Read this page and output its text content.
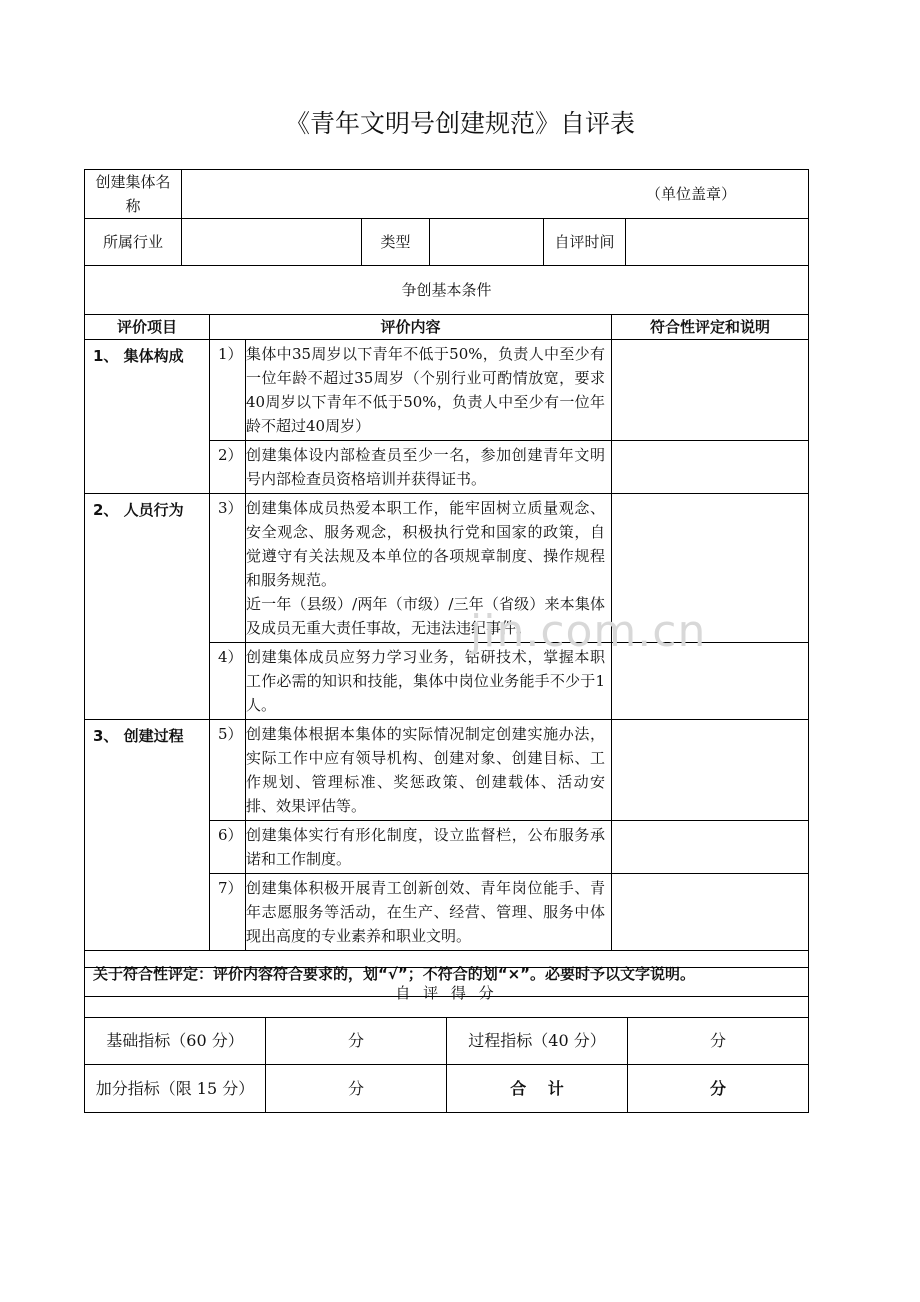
《青年文明号创建规范》自评表
创建集体名称	（单位盖章）				
所属行业		类型		自评时间	
争创基本条件			
评价项目	评价内容		符合性评定和说明
1、 集体构成	1）	集体中35周岁以下青年不低于50%，负责人中至少有一位年龄不超过35周岁（个别行业可酌情放宽，要求40周岁以下青年不低于50%，负责人中至少有一位年龄不超过40周岁）	
	2）	创建集体设内部检查员至少一名，参加创建青年文明号内部检查员资格培训并获得证书。	
2、 人员行为	3）	创建集体成员热爱本职工作，能牢固树立质量观念、安全观念、服务观念，积极执行党和国家的政策，自觉遵守有关法规及本单位的各项规章制度、操作规程和服务规范。
近一年（县级）/两年（市级）/三年（省级）来本集体及成员无重大责任事故，无违法违纪事件。	

	4）	创建集体成员应努力学习业务，钻研技术，掌握本职工作必需的知识和技能，集体中岗位业务能手不少于1人。	
3、 创建过程	5）	创建集体根据本集体的实际情况制定创建实施办法，实际工作中应有领导机构、创建对象、创建目标、工作规划、管理标准、奖惩政策、创建载体、活动安排、效果评估等。	
	6）	创建集体实行有形化制度，设立监督栏，公布服务承诺和工作制度。	
	7）	创建集体积极开展青工创新创效、青年岗位能手、青年志愿服务等活动，在生产、经营、管理、服务中体现出高度的专业素养和职业文明。	
关于符合性评定：评价内容符合要求的，划“√”；不符合的划“×”。必要时予以文字说明。			
自 评 得 分			
基础指标（60 分）	分	过程指标（40 分）	分
加分指标（限 15 分）	分	合　 计	分
jin.com.cn
